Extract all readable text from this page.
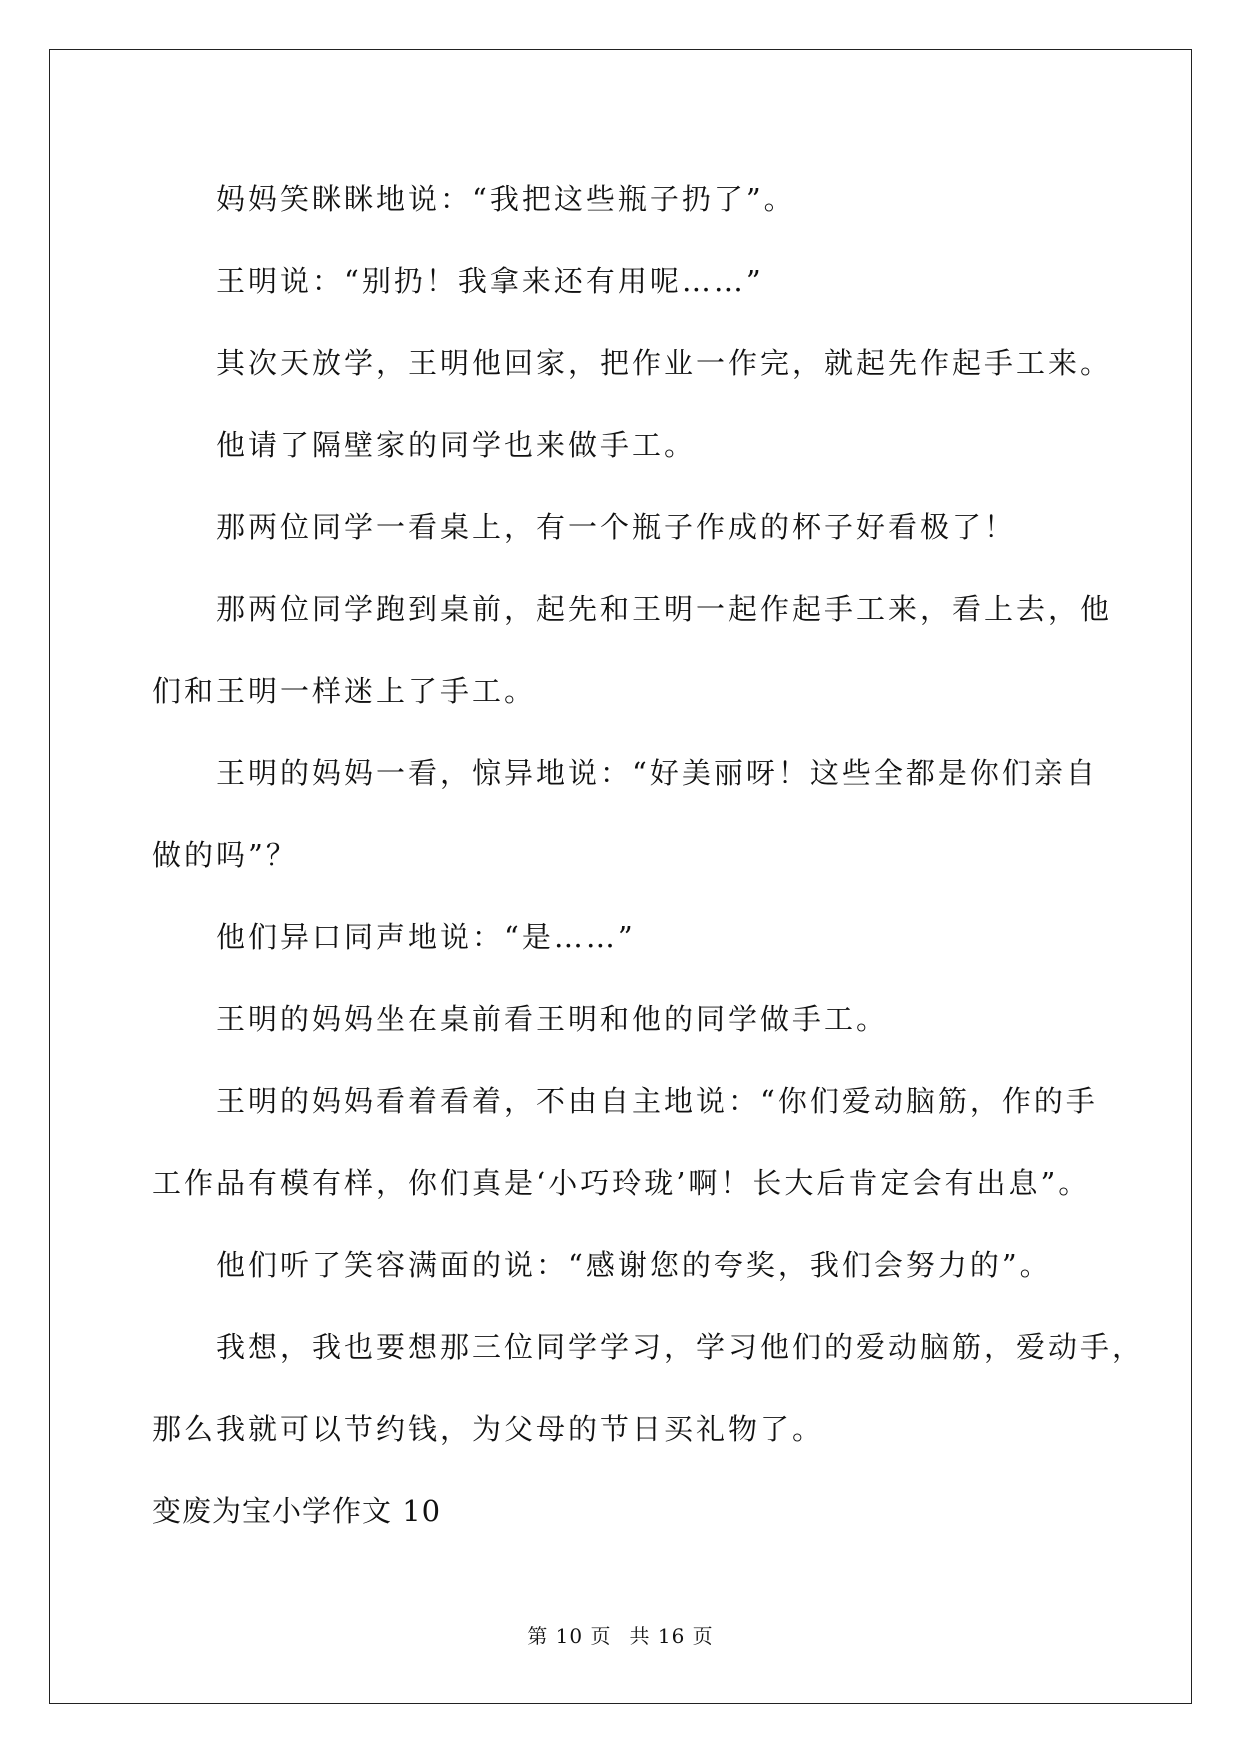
妈妈笑眯眯地说：“我把这些瓶子扔了”。

王明说：“别扔！我拿来还有用呢……”

其次天放学，王明他回家，把作业一作完，就起先作起手工来。

他请了隔壁家的同学也来做手工。

那两位同学一看桌上，有一个瓶子作成的杯子好看极了！

那两位同学跑到桌前，起先和王明一起作起手工来，看上去，他

们和王明一样迷上了手工。

王明的妈妈一看，惊异地说：“好美丽呀！这些全都是你们亲自

做的吗”？

他们异口同声地说：“是……”

王明的妈妈坐在桌前看王明和他的同学做手工。

王明的妈妈看着看着，不由自主地说：“你们爱动脑筋，作的手

工作品有模有样，你们真是‘小巧玲珑’啊！长大后肯定会有出息”。

他们听了笑容满面的说：“感谢您的夸奖，我们会努力的”。

我想，我也要想那三位同学学习，学习他们的爱动脑筋，爱动手，

那么我就可以节约钱，为父母的节日买礼物了。

变废为宝小学作文 10

第 10 页 共 16 页
